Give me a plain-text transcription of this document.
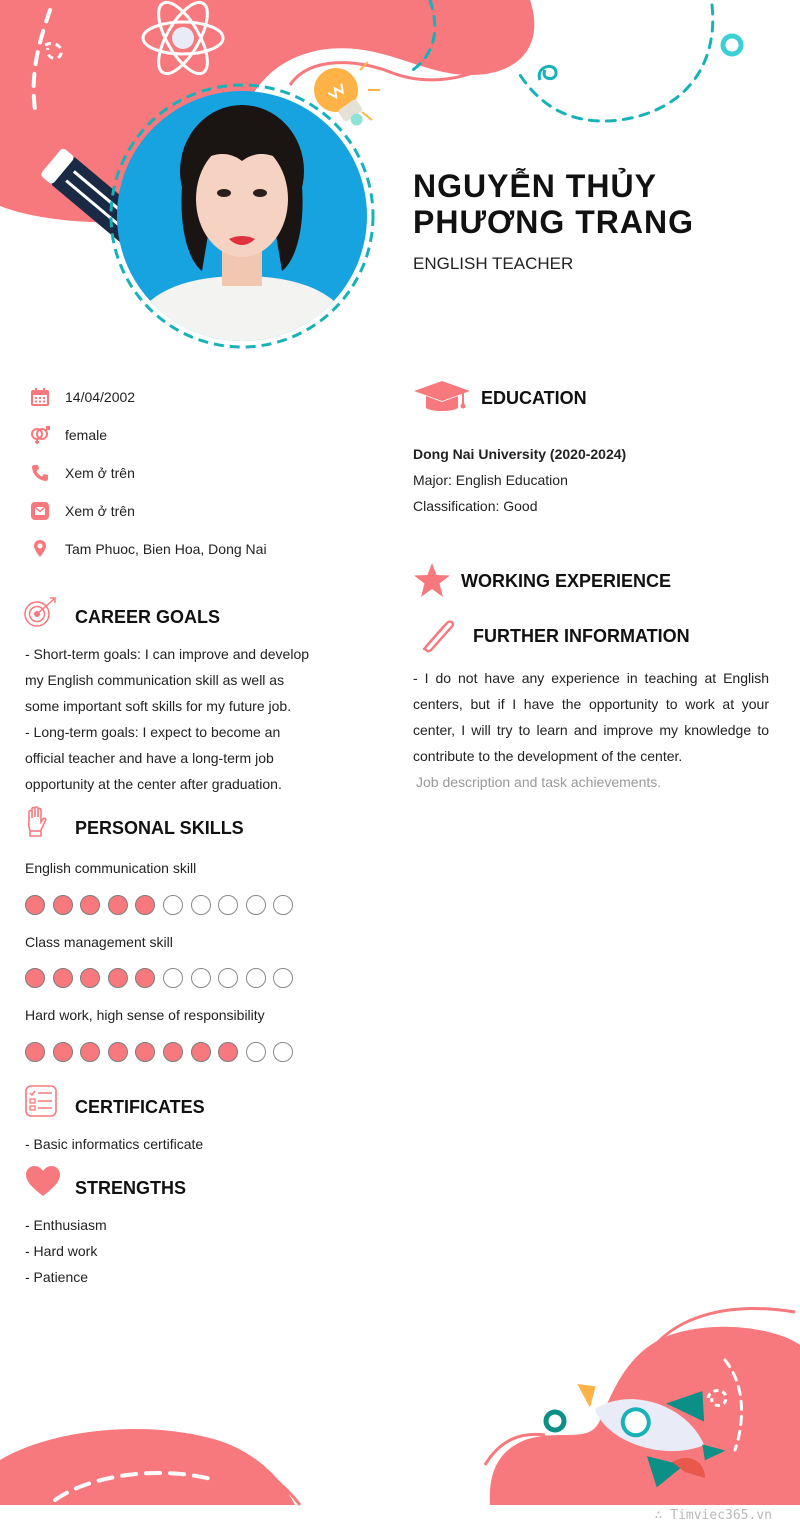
NGUYỄN THỦY
PHƯƠNG TRANG
ENGLISH TEACHER
14/04/2002
female
Xem ở trên
Xem ở trên
Tam Phuoc, Bien Hoa, Dong Nai
CAREER GOALS
- Short-term goals: I can improve and develop
my English communication skill as well as
some important soft skills for my future job.
- Long-term goals: I expect to become an
official teacher and have a long-term job
opportunity at the center after graduation.
PERSONAL SKILLS
English communication skill
Class management skill
Hard work, high sense of responsibility
CERTIFICATES
- Basic informatics certificate
STRENGTHS
- Enthusiasm
- Hard work
- Patience
EDUCATION
Dong Nai University (2020-2024)
Major: English Education
Classification: Good
WORKING EXPERIENCE
FURTHER INFORMATION
- I do not have any experience in teaching at English
centers, but if I have the opportunity to work at your
center, I will try to learn and improve my knowledge to
contribute to the development of the center.
Job description and task achievements.
∴ Timviec365.vn
